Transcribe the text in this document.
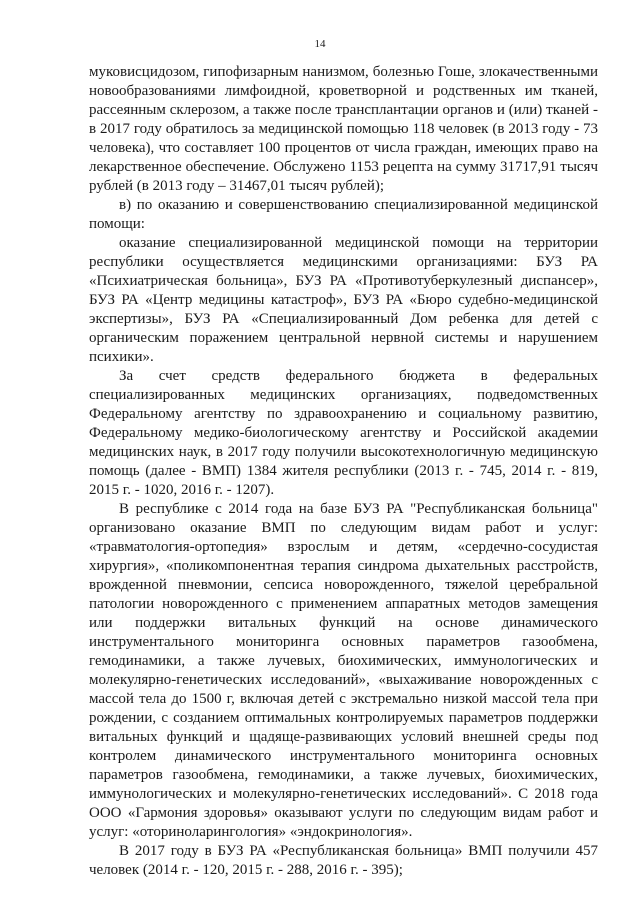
14

муковисцидозом, гипофизарным нанизмом, болезнью Гоше, злокачественными новообразованиями лимфоидной, кроветворной и родственных им тканей, рассеянным склерозом, а также после трансплантации органов и (или) тканей - в 2017 году обратилось за медицинской помощью 118 человек (в 2013 году - 73 человека), что составляет 100 процентов от числа граждан, имеющих право на лекарственное обеспечение. Обслужено 1153 рецепта на сумму 31717,91 тысяч рублей (в 2013 году – 31467,01 тысяч рублей);

в) по оказанию и совершенствованию специализированной медицинской помощи:

оказание специализированной медицинской помощи на территории республики осуществляется медицинскими организациями: БУЗ РА «Психиатрическая больница», БУЗ РА «Противотуберкулезный диспансер», БУЗ РА «Центр медицины катастроф», БУЗ РА «Бюро судебно-медицинской экспертизы», БУЗ РА «Специализированный Дом ребенка для детей с органическим поражением центральной нервной системы и нарушением психики».

За счет средств федерального бюджета в федеральных специализированных медицинских организациях, подведомственных Федеральному агентству по здравоохранению и социальному развитию, Федеральному медико-биологическому агентству и Российской академии медицинских наук, в 2017 году получили высокотехнологичную медицинскую помощь (далее - ВМП) 1384 жителя республики (2013 г. - 745, 2014 г. - 819, 2015 г. - 1020, 2016 г. - 1207).

В республике с 2014 года на базе БУЗ РА "Республиканская больница" организовано оказание ВМП по следующим видам работ и услуг: «травматология-ортопедия» взрослым и детям, «сердечно-сосудистая хирургия», «поликомпонентная терапия синдрома дыхательных расстройств, врожденной пневмонии, сепсиса новорожденного, тяжелой церебральной патологии новорожденного с применением аппаратных методов замещения или поддержки витальных функций на основе динамического инструментального мониторинга основных параметров газообмена, гемодинамики, а также лучевых, биохимических, иммунологических и молекулярно-генетических исследований», «выхаживание новорожденных с массой тела до 1500 г, включая детей с экстремально низкой массой тела при рождении, с созданием оптимальных контролируемых параметров поддержки витальных функций и щадяще-развивающих условий внешней среды под контролем динамического инструментального мониторинга основных параметров газообмена, гемодинамики, а также лучевых, биохимических, иммунологических и молекулярно-генетических исследований». С 2018 года ООО «Гармония здоровья» оказывают услуги по следующим видам работ и услуг: «оториноларингология» «эндокринология».

В 2017 году в БУЗ РА «Республиканская больница» ВМП получили 457 человек (2014 г. - 120, 2015 г. - 288, 2016 г. - 395);
